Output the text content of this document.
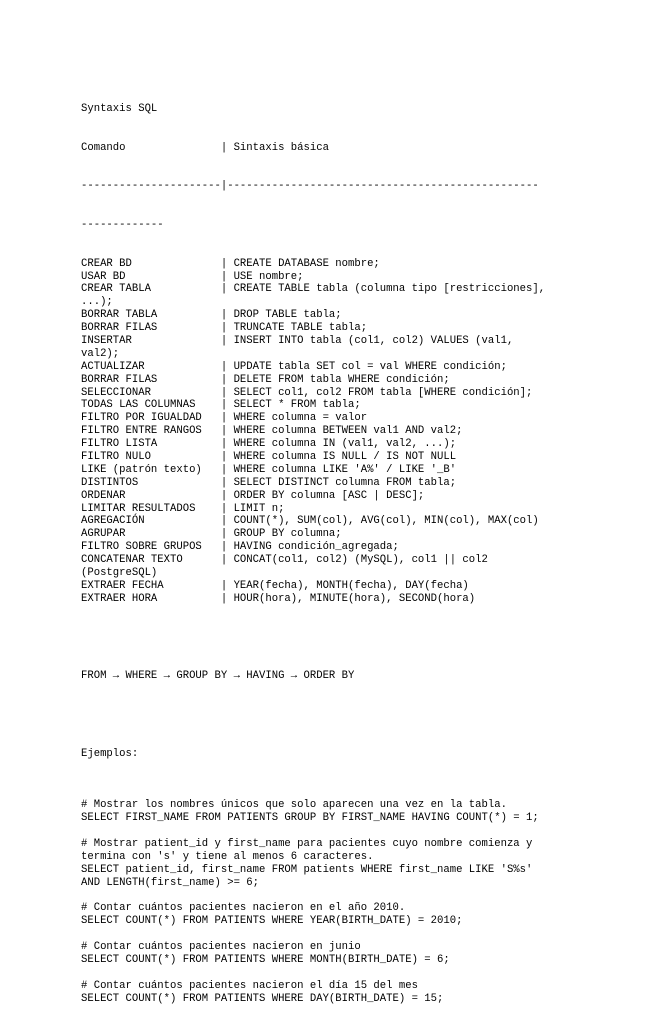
Syntaxis SQL

Comando               | Sintaxis básica

----------------------|-------------------------------------------------

-------------

CREAR BD              | CREATE DATABASE nombre;
USAR BD               | USE nombre;
CREAR TABLA           | CREATE TABLE tabla (columna tipo [restricciones],
...);
BORRAR TABLA          | DROP TABLE tabla;
BORRAR FILAS          | TRUNCATE TABLE tabla;
INSERTAR              | INSERT INTO tabla (col1, col2) VALUES (val1,
val2);
ACTUALIZAR            | UPDATE tabla SET col = val WHERE condición;
BORRAR FILAS          | DELETE FROM tabla WHERE condición;
SELECCIONAR           | SELECT col1, col2 FROM tabla [WHERE condición];
TODAS LAS COLUMNAS    | SELECT * FROM tabla;
FILTRO POR IGUALDAD   | WHERE columna = valor
FILTRO ENTRE RANGOS   | WHERE columna BETWEEN val1 AND val2;
FILTRO LISTA          | WHERE columna IN (val1, val2, ...);
FILTRO NULO           | WHERE columna IS NULL / IS NOT NULL
LIKE (patrón texto)   | WHERE columna LIKE 'A%' / LIKE '_B'
DISTINTOS             | SELECT DISTINCT columna FROM tabla;
ORDENAR               | ORDER BY columna [ASC | DESC];
LIMITAR RESULTADOS    | LIMIT n;
AGREGACIÓN            | COUNT(*), SUM(col), AVG(col), MIN(col), MAX(col)
AGRUPAR               | GROUP BY columna;
FILTRO SOBRE GRUPOS   | HAVING condición_agregada;
CONCATENAR TEXTO      | CONCAT(col1, col2) (MySQL), col1 || col2
(PostgreSQL)
EXTRAER FECHA         | YEAR(fecha), MONTH(fecha), DAY(fecha)
EXTRAER HORA          | HOUR(hora), MINUTE(hora), SECOND(hora)

FROM → WHERE → GROUP BY → HAVING → ORDER BY

Ejemplos:

# Mostrar los nombres únicos que solo aparecen una vez en la tabla.
SELECT FIRST_NAME FROM PATIENTS GROUP BY FIRST_NAME HAVING COUNT(*) = 1;
# Mostrar patient_id y first_name para pacientes cuyo nombre comienza y
termina con 's' y tiene al menos 6 caracteres.
SELECT patient_id, first_name FROM patients WHERE first_name LIKE 'S%s'
AND LENGTH(first_name) >= 6;
# Contar cuántos pacientes nacieron en el año 2010.
SELECT COUNT(*) FROM PATIENTS WHERE YEAR(BIRTH_DATE) = 2010;
# Contar cuántos pacientes nacieron en junio
SELECT COUNT(*) FROM PATIENTS WHERE MONTH(BIRTH_DATE) = 6;
# Contar cuántos pacientes nacieron el día 15 del mes
SELECT COUNT(*) FROM PATIENTS WHERE DAY(BIRTH_DATE) = 15;
